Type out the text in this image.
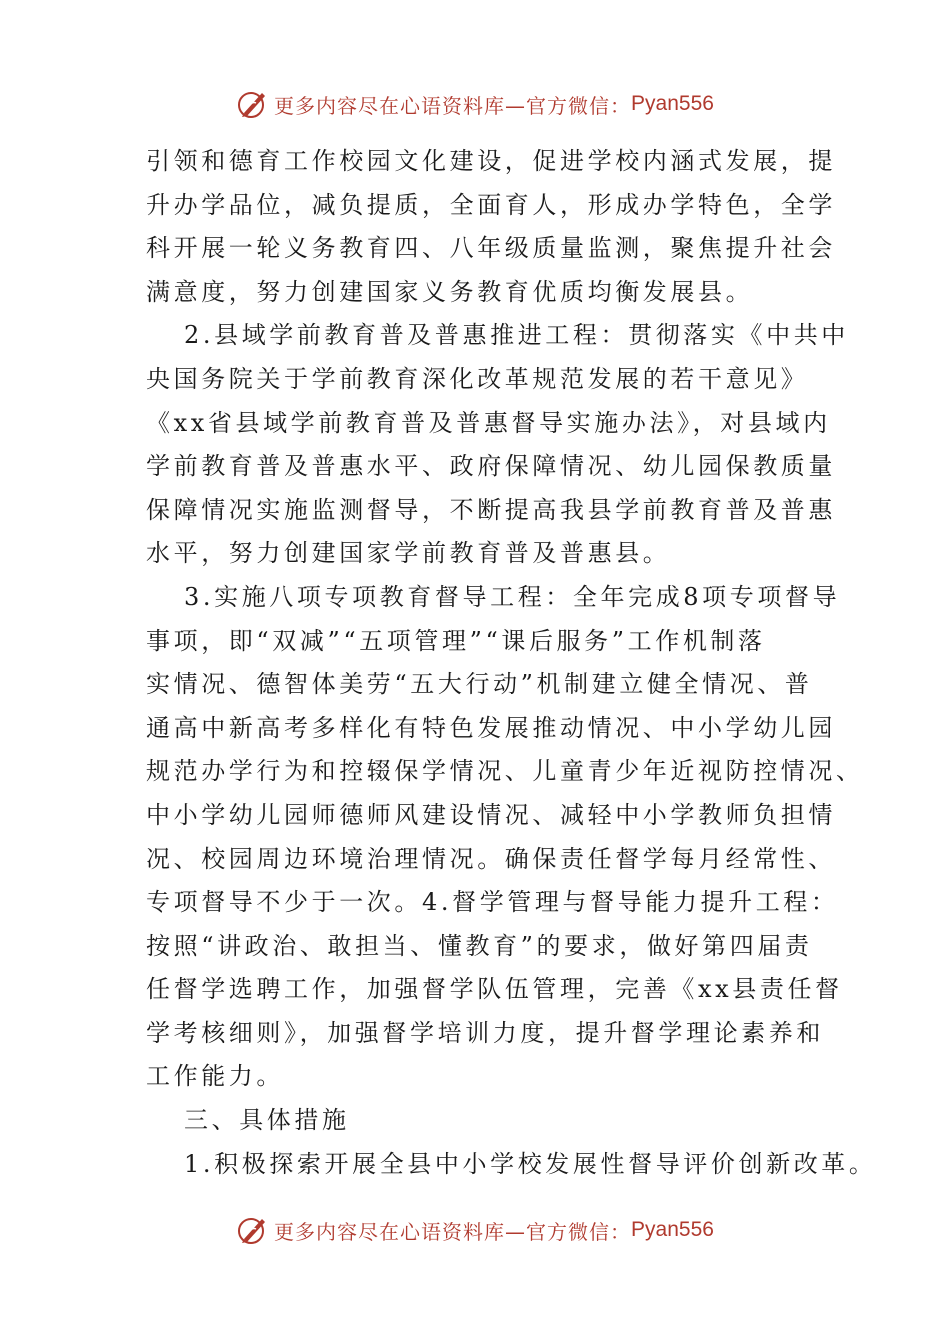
更多内容尽在心语资料库—官方微信： Pyan556
引领和德育工作校园文化建设，促进学校内涵式发展，提
升办学品位，减负提质，全面育人，形成办学特色，全学
科开展一轮义务教育四、八年级质量监测，聚焦提升社会
满意度，努力创建国家义务教育优质均衡发展县。
2.县域学前教育普及普惠推进工程：贯彻落实《中共中
央国务院关于学前教育深化改革规范发展的若干意见》
《xx省县域学前教育普及普惠督导实施办法》，对县域内
学前教育普及普惠水平、政府保障情况、幼儿园保教质量
保障情况实施监测督导，不断提高我县学前教育普及普惠
水平，努力创建国家学前教育普及普惠县。
3.实施八项专项教育督导工程：全年完成8项专项督导
事项，即“双减”“五项管理”“课后服务”工作机制落
实情况、德智体美劳“五大行动”机制建立健全情况、普
通高中新高考多样化有特色发展推动情况、中小学幼儿园
规范办学行为和控辍保学情况、儿童青少年近视防控情况、
中小学幼儿园师德师风建设情况、减轻中小学教师负担情
况、校园周边环境治理情况。确保责任督学每月经常性、
专项督导不少于一次。4.督学管理与督导能力提升工程：
按照“讲政治、敢担当、懂教育”的要求，做好第四届责
任督学选聘工作，加强督学队伍管理，完善《xx县责任督
学考核细则》，加强督学培训力度，提升督学理论素养和
工作能力。
三、具体措施
1.积极探索开展全县中小学校发展性督导评价创新改革。
更多内容尽在心语资料库—官方微信： Pyan556
